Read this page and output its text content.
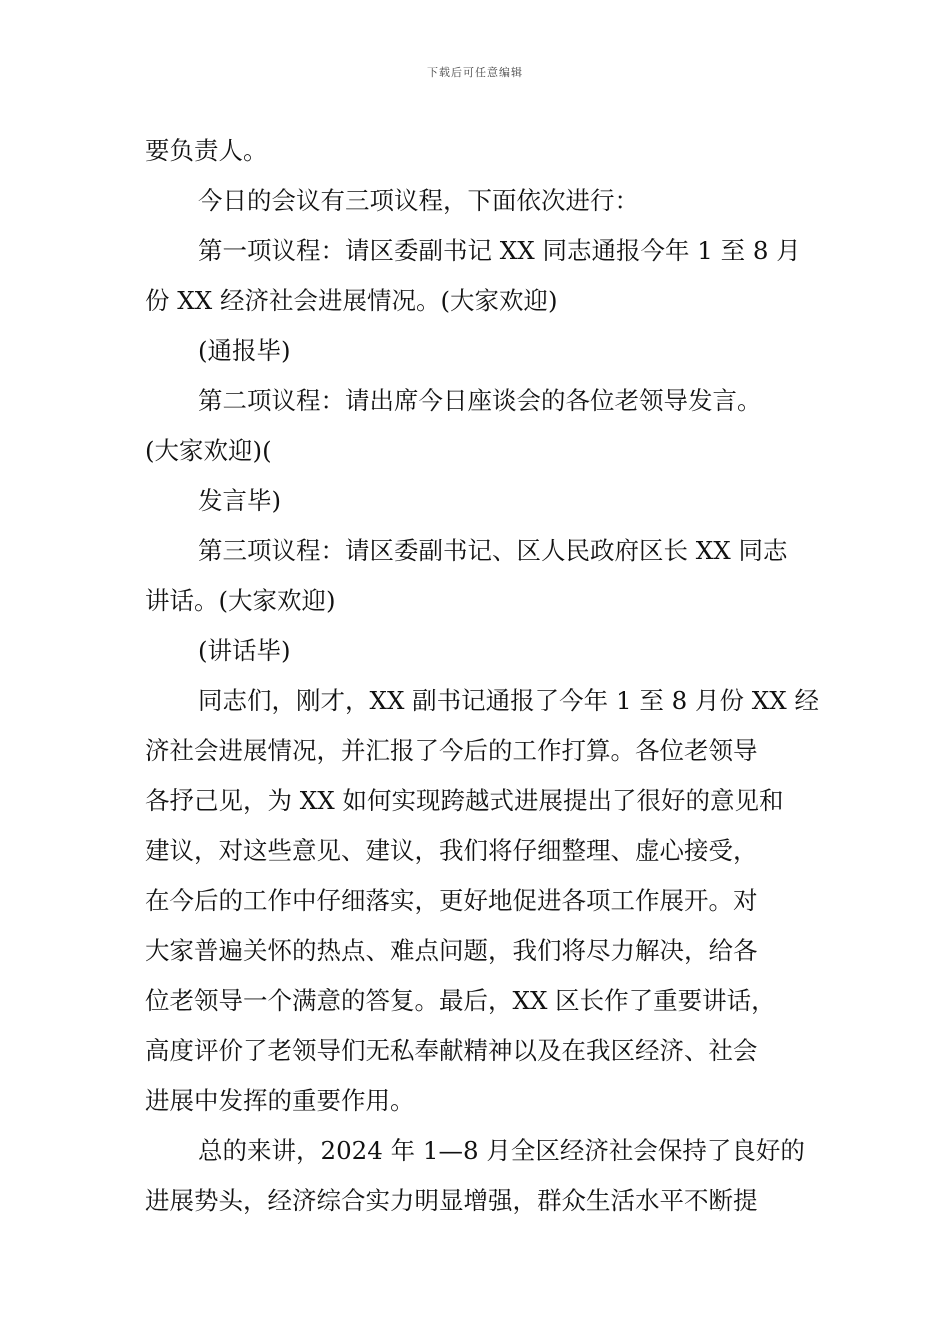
下载后可任意编辑
要负责人。
今日的会议有三项议程，下面依次进行：
第一项议程：请区委副书记 XX 同志通报今年 1 至 8 月
份 XX 经济社会进展情况。(大家欢迎)
(通报毕)
第二项议程：请出席今日座谈会的各位老领导发言。
(大家欢迎)(
发言毕)
第三项议程：请区委副书记、区人民政府区长 XX 同志
讲话。(大家欢迎)
(讲话毕)
同志们，刚才，XX 副书记通报了今年 1 至 8 月份 XX 经
济社会进展情况，并汇报了今后的工作打算。各位老领导
各抒己见，为 XX 如何实现跨越式进展提出了很好的意见和
建议，对这些意见、建议，我们将仔细整理、虚心接受，
在今后的工作中仔细落实，更好地促进各项工作展开。对
大家普遍关怀的热点、难点问题，我们将尽力解决，给各
位老领导一个满意的答复。最后，XX 区长作了重要讲话，
高度评价了老领导们无私奉献精神以及在我区经济、社会
进展中发挥的重要作用。
总的来讲，2024 年 1—8 月全区经济社会保持了良好的
进展势头，经济综合实力明显增强，群众生活水平不断提
